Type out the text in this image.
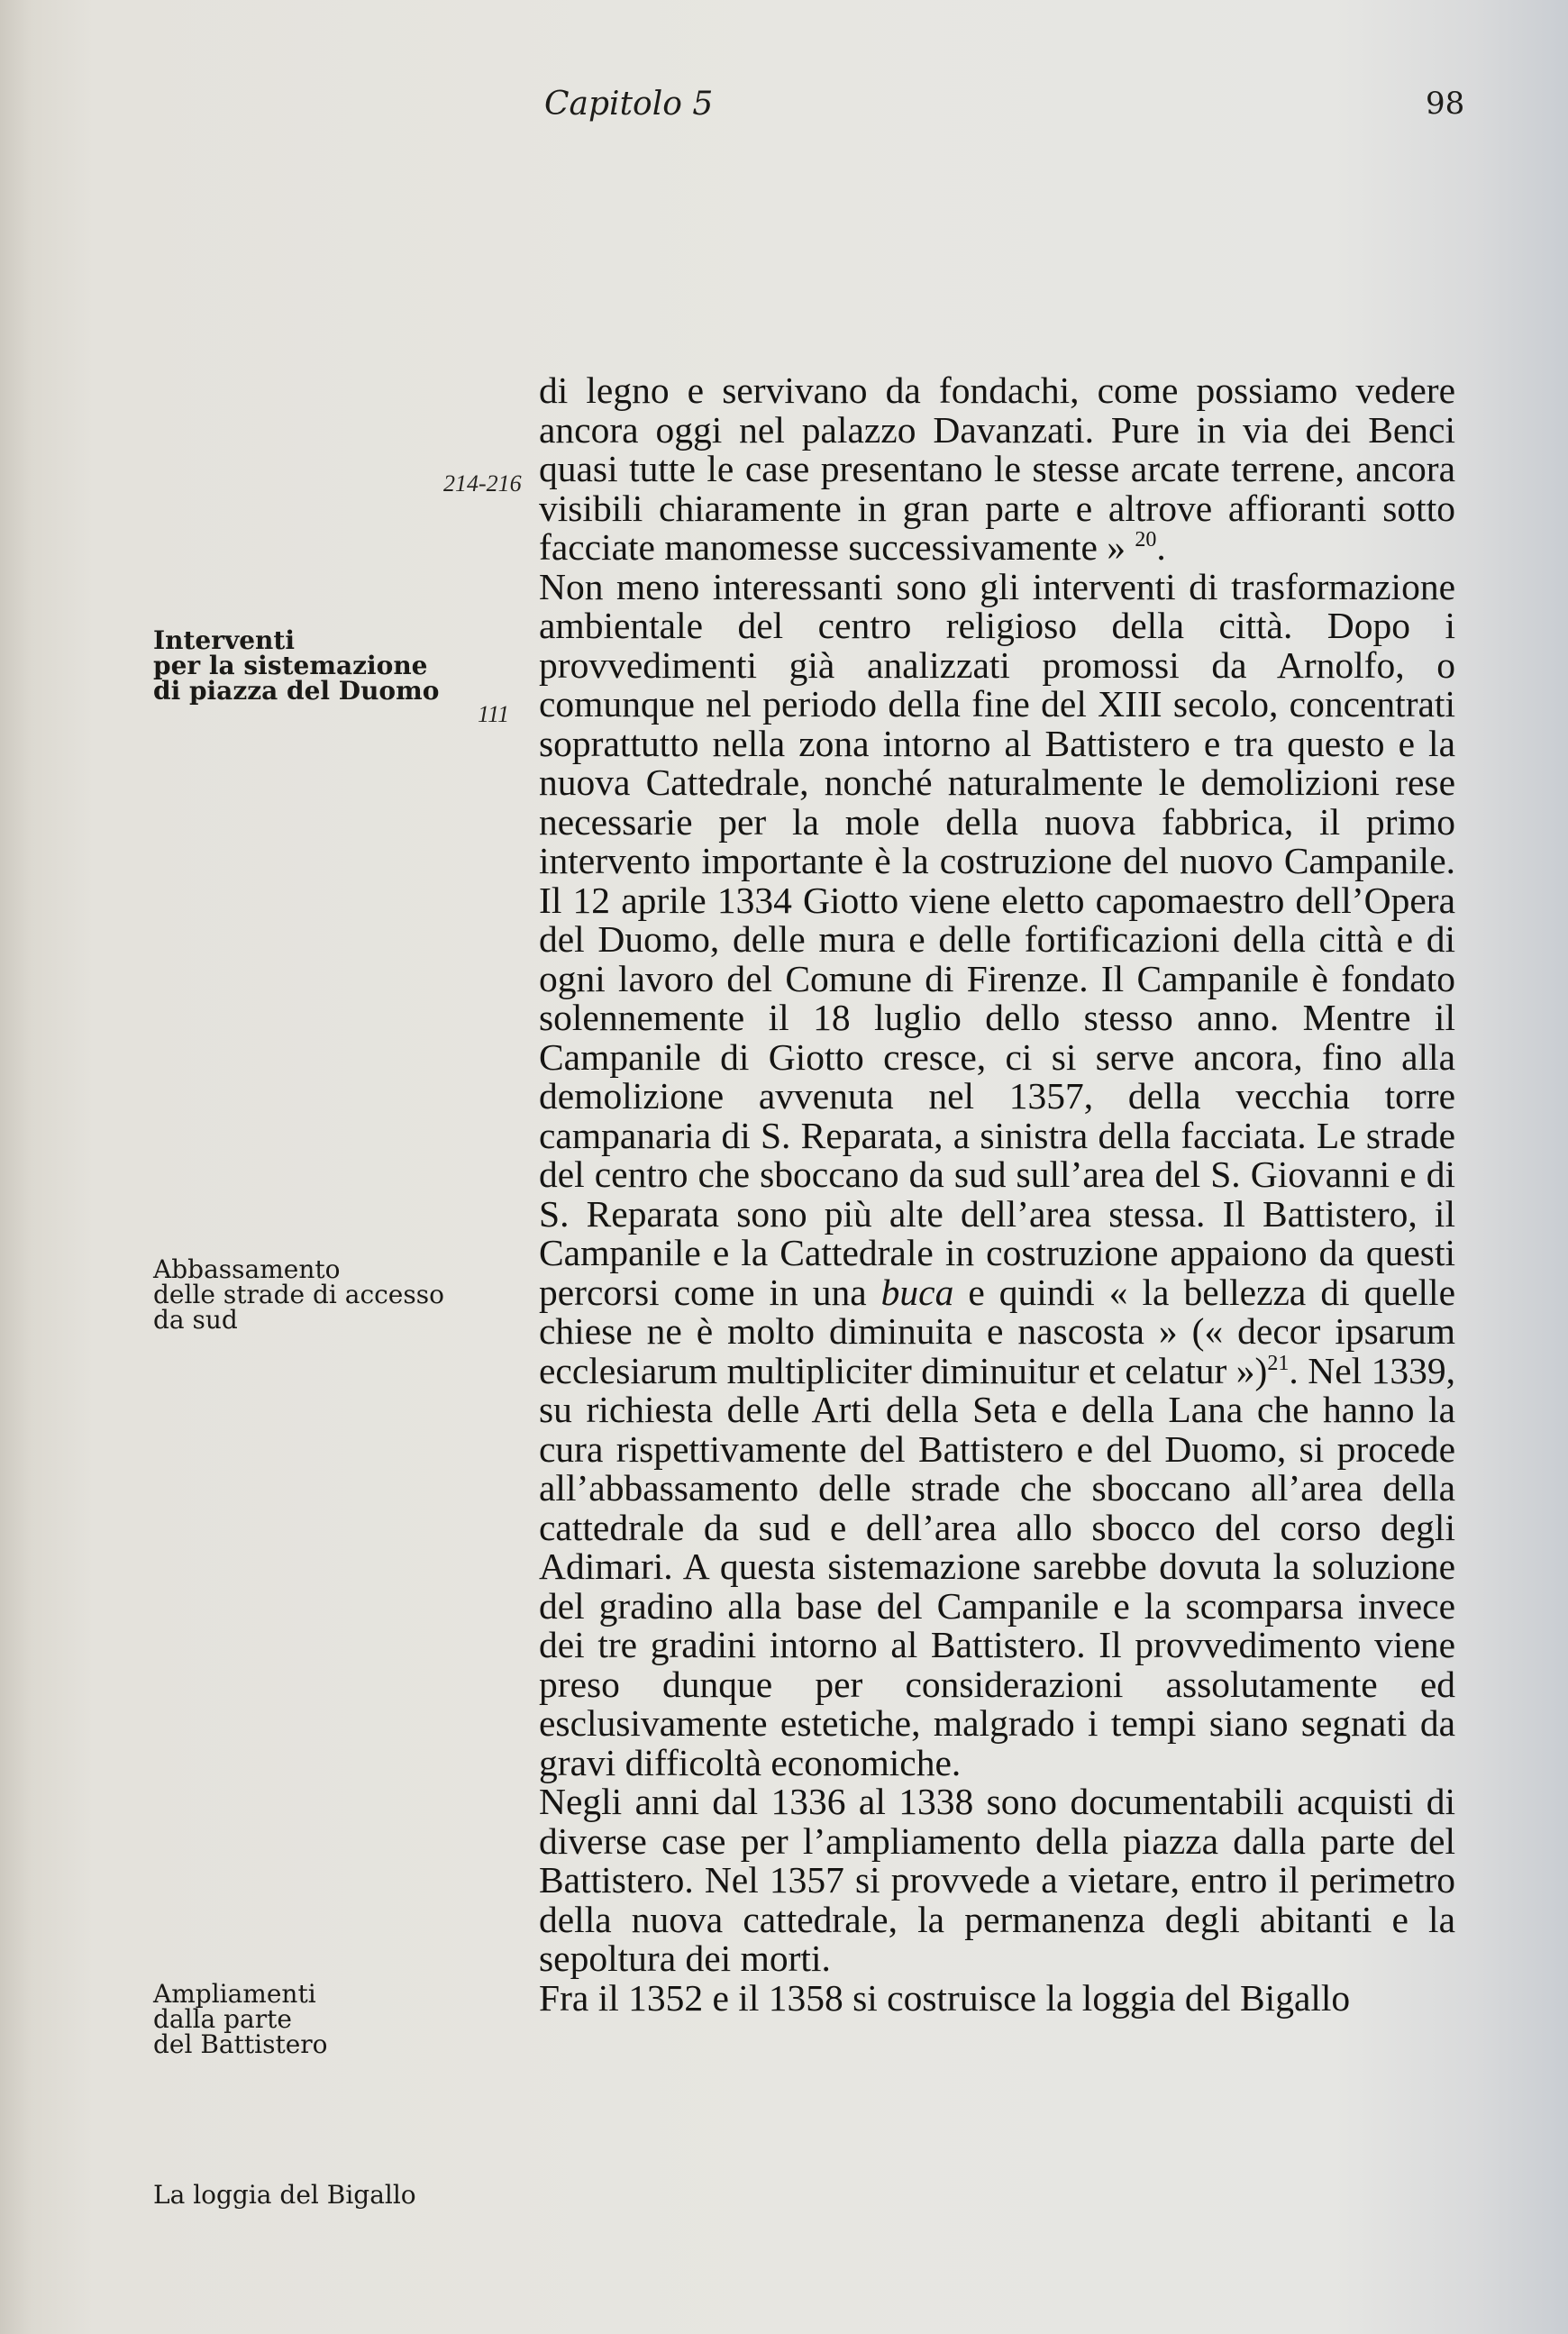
Capitolo 5	98
214-216
111
Interventi
per la sistemazione
di piazza del Duomo
Abbassamento
delle strade di accesso
da sud
Ampliamenti
dalla parte
del Battistero
La loggia del Bigallo

di legno e servivano da fondachi, come possiamo vedere ancora oggi nel palazzo Davanzati. Pure in via dei Benci quasi tutte le case presentano le stesse arcate terrene, ancora visibili chiaramente in gran parte e altrove affioranti sotto facciate manomesse successivamente » $^{20}$.

Non meno interessanti sono gli interventi di trasformazione ambientale del centro religioso della città. Dopo i provvedimenti già analizzati promossi da Arnolfo, o comunque nel periodo della fine del XIII secolo, concentrati soprattutto nella zona intorno al Battistero e tra questo e la nuova Cattedrale, nonché naturalmente le demolizioni rese necessarie per la mole della nuova fabbrica, il primo intervento importante è la costruzione del nuovo Campanile. Il 12 aprile 1334 Giotto viene eletto capomaestro dell’Opera del Duomo, delle mura e delle fortificazioni della città e di ogni lavoro del Comune di Firenze. Il Campanile è fondato solennemente il 18 luglio dello stesso anno. Mentre il Campanile di Giotto cresce, ci si serve ancora, fino alla demolizione avvenuta nel 1357, della vecchia torre campanaria di S. Reparata, a sinistra della facciata. Le strade del centro che sboccano da sud sull’area del S. Giovanni e di S. Reparata sono più alte dell’area stessa. Il Battistero, il Campanile e la Cattedrale in costruzione appaiono da questi percorsi come in una buca e quindi « la bellezza di quelle chiese ne è molto diminuita e nascosta » (« decor ipsarum ecclesiarum multipliciter diminuitur et celatur »)$^{21}$. Nel 1339, su richiesta delle Arti della Seta e della Lana che hanno la cura rispettivamente del Battistero e del Duomo, si procede all’abbassamento delle strade che sboccano all’area della cattedrale da sud e dell’area allo sbocco del corso degli Adimari. A questa sistemazione sarebbe dovuta la soluzione del gradino alla base del Campanile e la scomparsa invece dei tre gradini intorno al Battistero. Il provvedimento viene preso dunque per considerazioni assolutamente ed esclusivamente estetiche, malgrado i tempi siano segnati da gravi difficoltà economiche.

Negli anni dal 1336 al 1338 sono documentabili acquisti di diverse case per l’ampliamento della piazza dalla parte del Battistero. Nel 1357 si provvede a vietare, entro il perimetro della nuova cattedrale, la permanenza degli abitanti e la sepoltura dei morti.

Fra il 1352 e il 1358 si costruisce la loggia del Bigallo
